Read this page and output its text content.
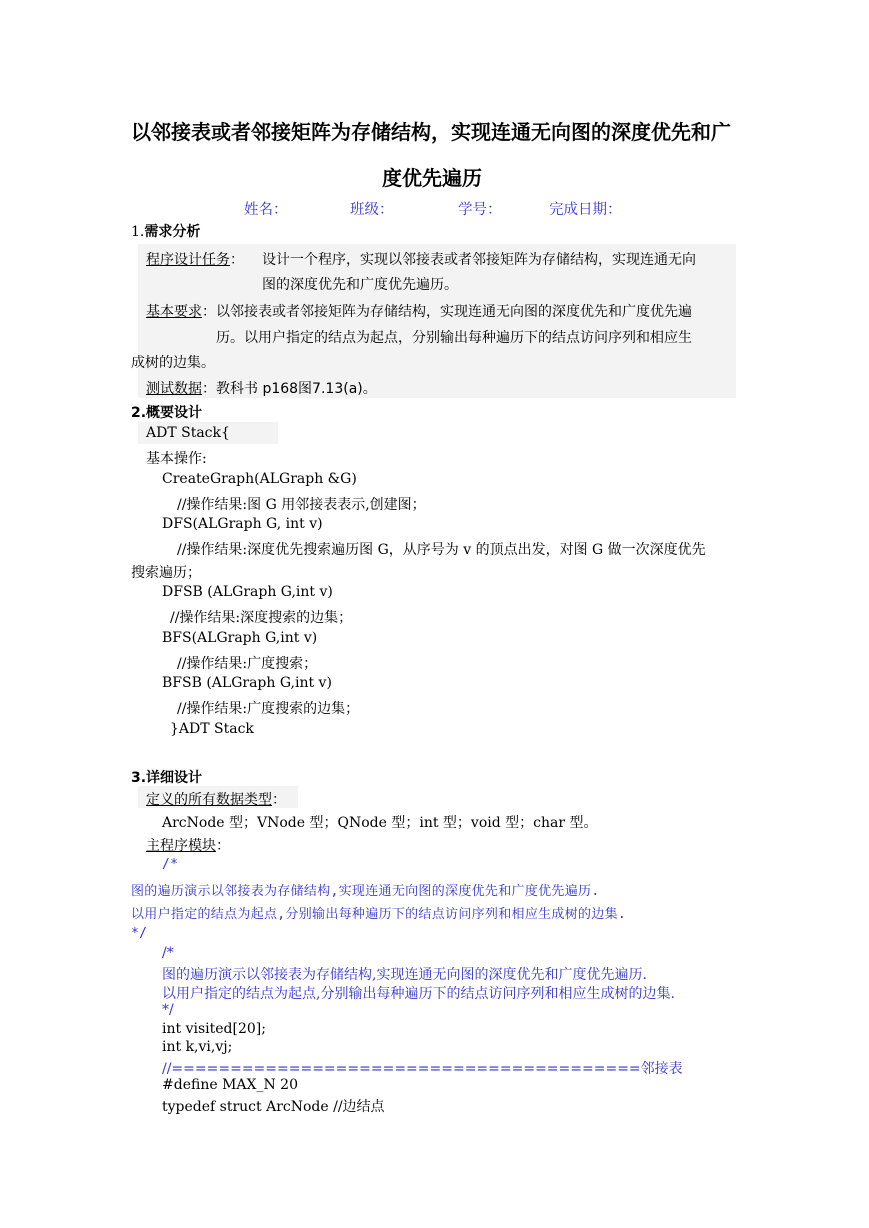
以邻接表或者邻接矩阵为存储结构，实现连通无向图的深度优先和广
度优先遍历
姓名：	班级：	学号：	完成日期：
1.需求分析
程序设计任务： 设计一个程序，实现以邻接表或者邻接矩阵为存储结构，实现连通无向
图的深度优先和广度优先遍历。
基本要求：以邻接表或者邻接矩阵为存储结构，实现连通无向图的深度优先和广度优先遍
历。以用户指定的结点为起点，分别输出每种遍历下的结点访问序列和相应生
成树的边集。
测试数据：教科书 p168图7.13(a)。
2.概要设计
ADT Stack{
基本操作:
CreateGraph(ALGraph &G)
//操作结果:图 G 用邻接表表示,创建图；
DFS(ALGraph G, int v)
//操作结果:深度优先搜索遍历图 G，从序号为 v 的顶点出发，对图 G 做一次深度优先
搜索遍历；
DFSB (ALGraph G,int v)
//操作结果:深度搜索的边集；
BFS(ALGraph G,int v)
//操作结果:广度搜索；
BFSB (ALGraph G,int v)
//操作结果:广度搜索的边集；
}ADT Stack
3.详细设计
定义的所有数据类型：
ArcNode 型；VNode 型；QNode 型；int 型；void 型；char 型。
主程序模块：
/*
图的遍历演示以邻接表为存储结构,实现连通无向图的深度优先和广度优先遍历.
以用户指定的结点为起点,分别输出每种遍历下的结点访问序列和相应生成树的边集.
*/
/*
图的遍历演示以邻接表为存储结构,实现连通无向图的深度优先和广度优先遍历.
以用户指定的结点为起点,分别输出每种遍历下的结点访问序列和相应生成树的边集.
*/
int visited[20];
int k,vi,vj;
//========================================邻接表
#define MAX_N 20
typedef struct ArcNode //边结点
